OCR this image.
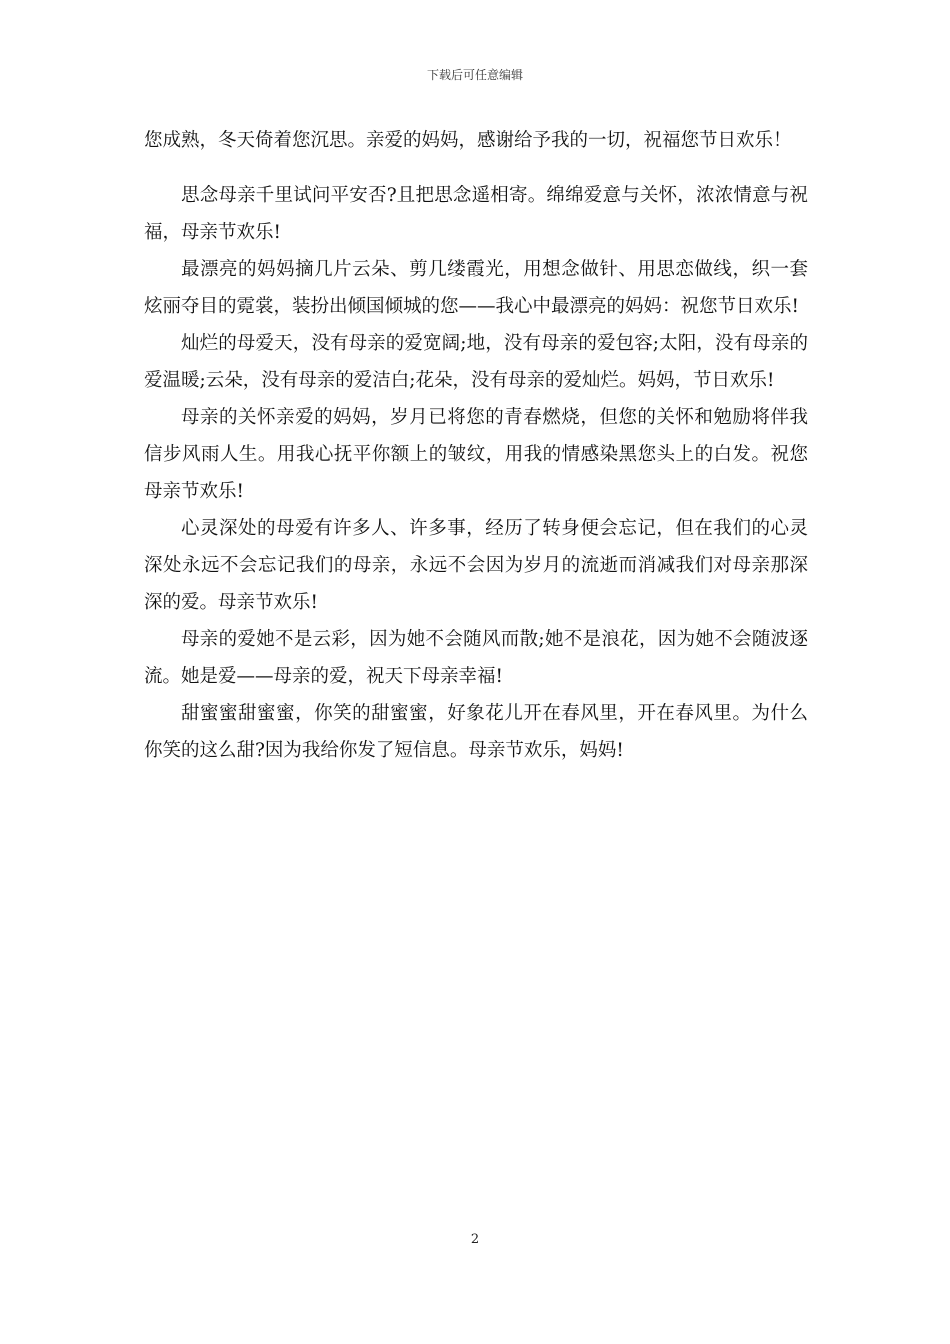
下载后可任意编辑

您成熟，冬天倚着您沉思。亲爱的妈妈，感谢给予我的一切，祝福您节日欢乐！

思念母亲千里试问平安否?且把思念遥相寄。绵绵爱意与关怀，浓浓情意与祝福，母亲节欢乐!

最漂亮的妈妈摘几片云朵、剪几缕霞光，用想念做针、用思恋做线，织一套炫丽夺目的霓裳，装扮出倾国倾城的您——我心中最漂亮的妈妈：祝您节日欢乐!

灿烂的母爱天，没有母亲的爱宽阔;地，没有母亲的爱包容;太阳，没有母亲的爱温暖;云朵，没有母亲的爱洁白;花朵，没有母亲的爱灿烂。妈妈，节日欢乐!

母亲的关怀亲爱的妈妈，岁月已将您的青春燃烧，但您的关怀和勉励将伴我信步风雨人生。用我心抚平你额上的皱纹，用我的情感染黑您头上的白发。祝您母亲节欢乐!

心灵深处的母爱有许多人、许多事，经历了转身便会忘记，但在我们的心灵深处永远不会忘记我们的母亲，永远不会因为岁月的流逝而消减我们对母亲那深深的爱。母亲节欢乐!

母亲的爱她不是云彩，因为她不会随风而散;她不是浪花，因为她不会随波逐流。她是爱——母亲的爱，祝天下母亲幸福!

甜蜜蜜甜蜜蜜，你笑的甜蜜蜜，好象花儿开在春风里，开在春风里。为什么你笑的这么甜?因为我给你发了短信息。母亲节欢乐，妈妈!

2
